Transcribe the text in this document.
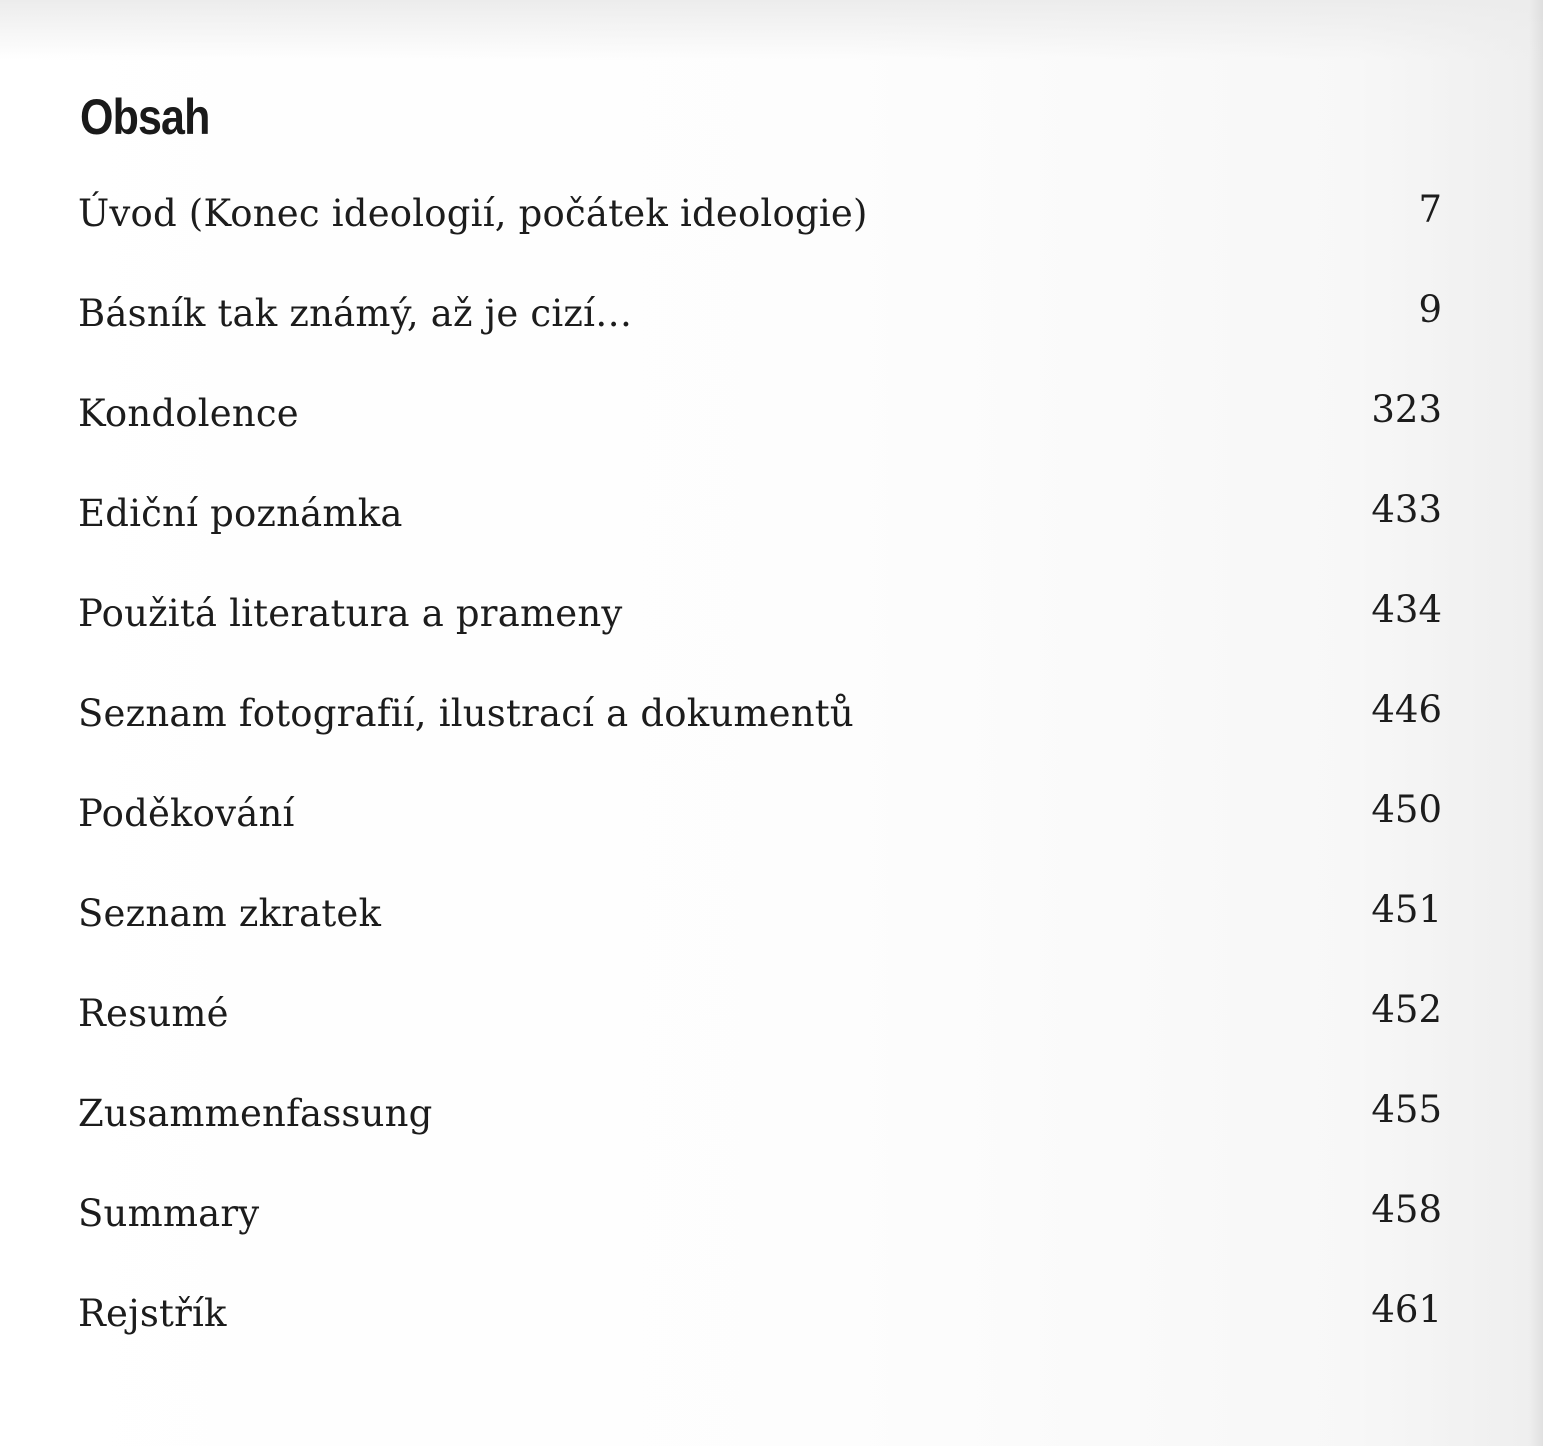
Obsah
Úvod (Konec ideologií, počátek ideologie)	7
Básník tak známý, až je cizí…	9
Kondolence	323
Ediční poznámka	433
Použitá literatura a prameny	434
Seznam fotografií, ilustrací a dokumentů	446
Poděkování	450
Seznam zkratek	451
Resumé	452
Zusammenfassung	455
Summary	458
Rejstřík	461
